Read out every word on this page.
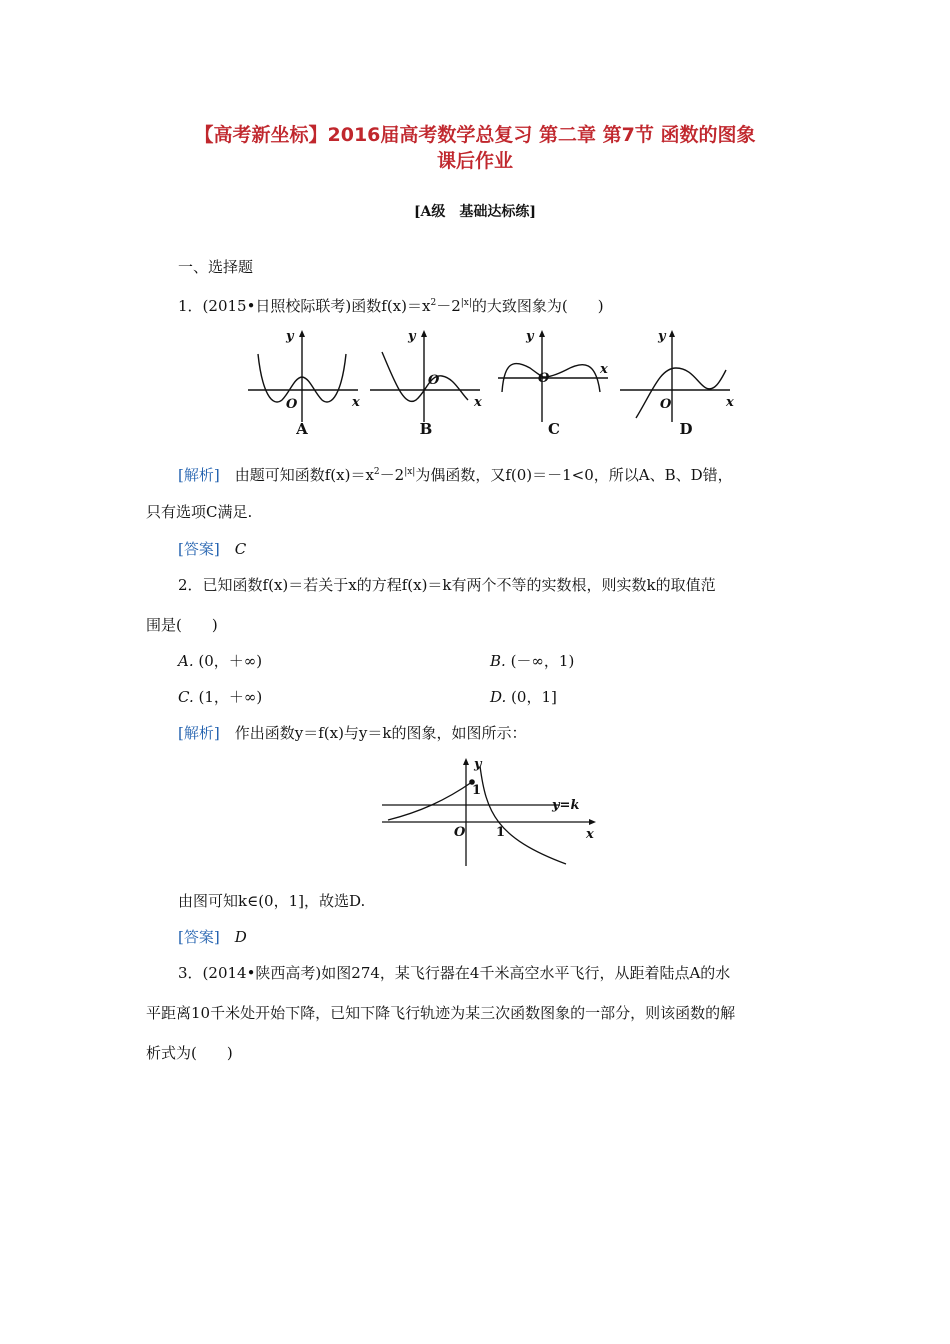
【高考新坐标】2016届高考数学总复习 第二章 第7节 函数的图象
课后作业
[A级　基础达标练]
一、选择题
1．(2015•日照校际联考)函数$f(x)=x^2-2^{|x|}$的大致图象为(　　)
y
x
O
y
x
O
y
x
O
y
x
O
A	B	C	D
[解析]　 由题可知函数$f(x)=x^2-2^{|x|}$为偶函数，又f(0)＝－1<0，所以A、B、D错，
只有选项C满足.
[答案]　 C
2．已知函数f(x)＝若关于x的方程f(x)＝k有两个不等的实数根，则实数k的取值范
围是(　　)
A. (0，＋∞)	B. (－∞，1)
C. (1，＋∞)	D. (0，1]
[解析]　 作出函数y＝f(x)与y＝k的图象，如图所示：
y
x
O
y=k
1
1
由图可知k∈(0，1]，故选D.
[答案]　 D
3．(2014•陕西高考)如图274，某飞行器在4千米高空水平飞行，从距着陆点A的水
平距离10千米处开始下降，已知下降飞行轨迹为某三次函数图象的一部分，则该函数的解
析式为(　　)
